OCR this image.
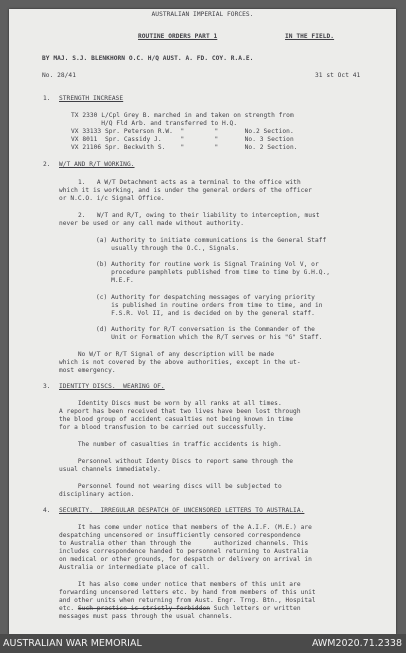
AUSTRALIAN IMPERIAL FORCES.
ROUTINE ORDERS PART 1	IN THE FIELD.
BY MAJ. S.J. BLENKHORN O.C. H/Q AUST. A. FD. COY. R.A.E.
No. 28/41	31 st Oct 41
1. STRENGTH INCREASE
TX 2330 L/Cpl Grey B. marched in and taken on strength from
H/Q Fld Arb. and transferred to H.Q.
VX 33133 Spr. Peterson R.W.  "        "       No.2 Section.
VX 8011  Spr. Cassidy J.     "        "       No. 3 Section
VX 21106 Spr. Beckwith S.    "        "       No. 2 Section.
2. W/T AND R/T WORKING.
1.   A W/T Detachment acts as a terminal to the office with
which it is working, and is under the general orders of the officer
or N.C.O. i/c Signal Office.
2.   W/T and R/T, owing to their liability to interception, must
never be used or any call made without authority.
(a) Authority to initiate communications is the General Staff
usually through the O.C., Signals.
(b) Authority for routine work is Signal Training Vol V, or
procedure pamphlets published from time to time by G.H.Q.,
M.E.F.
(c) Authority for despatching messages of varying priority
is published in routine orders from time to time, and in
F.S.R. Vol II, and is decided on by the general staff.
(d) Authority for R/T conversation is the Commander of the
Unit or Formation which the R/T serves or his "G" Staff.
No W/T or R/T Signal of any description will be made
which is not covered by the above authorities, except in the ut-
most emergency.
3. IDENTITY DISCS.  WEARING OF.
Identity Discs must be worn by all ranks at all times.
A report has been received that two lives have been lost through
the blood group of accident casualties not being known in time
for a blood transfusion to be carried out successfully.
The number of casualties in traffic accidents is high.
Personnel without Identy Discs to report same through the
usual channels immediately.
Personnel found not wearing discs will be subjected to
disciplinary action.
4. SECURITY.  IRREGULAR DESPATCH OF UNCENSORED LETTERS TO AUSTRALIA.
It has come under notice that members of the A.I.F. (M.E.) are
despatching uncensored or insufficiently censored correspondence
to Australia other than through the      authorized channels. This
includes correspondence handed to personnel returning to Australia
on medical or other grounds, for despatch or delivery on arrival in
Australia or intermediate place of call.
It has also come under notice that members of this unit are
forwarding uncensored letters etc. by hand from members of this unit
and other units when returning from Aust. Engr. Trng. Btn., Hospital
etc. Such practice is strictly forbidden Such letters or written
messages must pass through the usual channels.
AUSTRALIAN WAR MEMORIAL	AWM2020.71.2338
